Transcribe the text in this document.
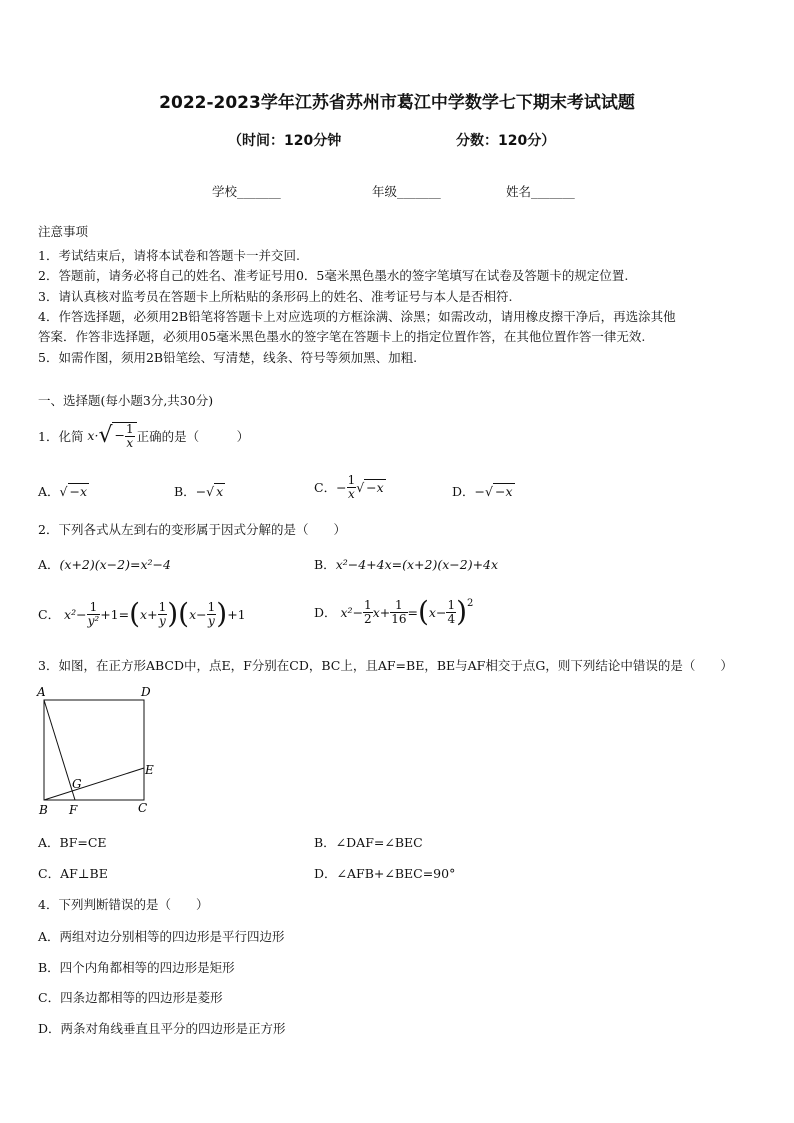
2022-2023学年江苏省苏州市葛江中学数学七下期末考试试题
（时间：120分钟	分数：120分）
学校_______	年级_______	姓名_______
注意事项
1．考试结束后，请将本试卷和答题卡一并交回.
2．答题前，请务必将自己的姓名、准考证号用0．5毫米黑色墨水的签字笔填写在试卷及答题卡的规定位置.
3．请认真核对监考员在答题卡上所粘贴的条形码上的姓名、准考证号与本人是否相符.
4．作答选择题，必须用2B铅笔将答题卡上对应选项的方框涂满、涂黑；如需改动，请用橡皮擦干净后，再选涂其他
答案．作答非选择题，必须用05毫米黑色墨水的签字笔在答题卡上的指定位置作答，在其他位置作答一律无效.
5．如需作图，须用2B铅笔绘、写清楚，线条、符号等须加黑、加粗.
一、选择题(每小题3分,共30分)
1．化简 x· √ − $\frac{1}{x}$ 正确的是（　　　）
A．√ −x	B．−√ x	C． − $\frac{1}{x}$ √ −x	D．−√ −x
2．下列各式从左到右的变形属于因式分解的是（　　）
A．(x+2)(x−2)=x²−4	B．x²−4+4x=(x+2)(x−2)+4x
C． $x^2- \frac{1}{\text{y²}} +1=$ ( $x+ \frac{1}{y}$ ) ( $x- \frac{1}{y}$ ) +1	D． $x^2- \frac{1}{2} x+ \frac{1}{16}$ = ( $x- \frac{1}{4} )^2$
3．如图，在正方形ABCD中，点E，F分别在CD，BC上，且AF=BE，BE与AF相交于点G，则下列结论中错误的是（　　）
A	D
B	C
E
F
G
A．BF=CE	B．∠DAF=∠BEC
C．AF⊥BE	D．∠AFB+∠BEC=90°
4．下列判断错误的是（　　）
A．两组对边分别相等的四边形是平行四边形
B．四个内角都相等的四边形是矩形
C．四条边都相等的四边形是菱形
D．两条对角线垂直且平分的四边形是正方形
